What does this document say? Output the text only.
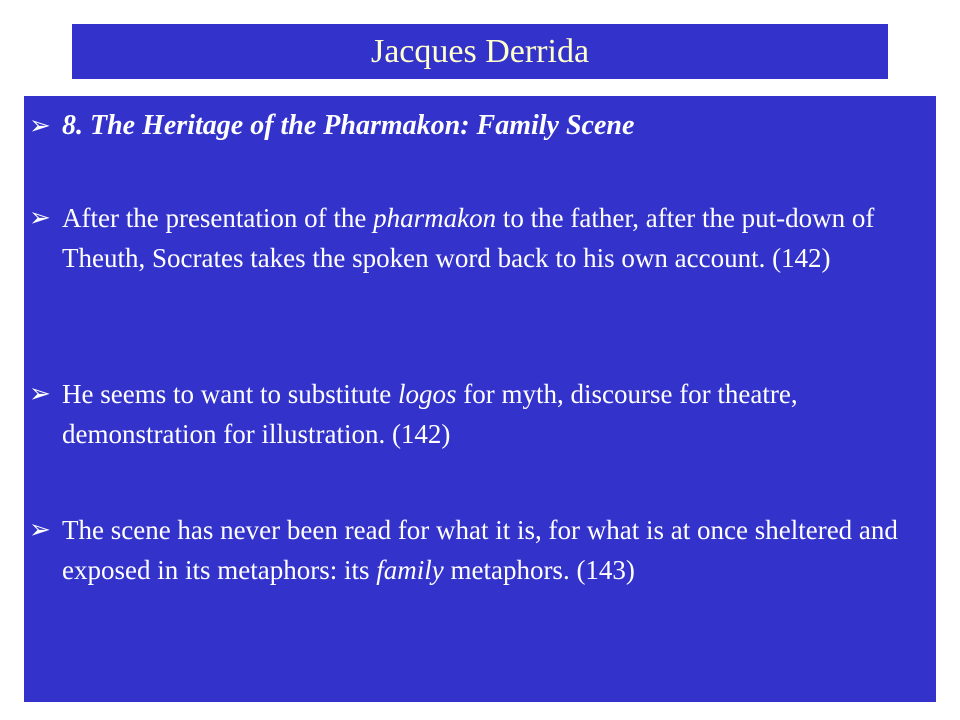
Jacques Derrida
➢ 8. The Heritage of the Pharmakon: Family Scene
➢ After the presentation of the pharmakon to the father, after the put-down of Theuth, Socrates takes the spoken word back to his own account. (142)
➢ He seems to want to substitute logos for myth, discourse for theatre, demonstration for illustration. (142)
➢ The scene has never been read for what it is, for what is at once sheltered and exposed in its metaphors: its family metaphors. (143)
